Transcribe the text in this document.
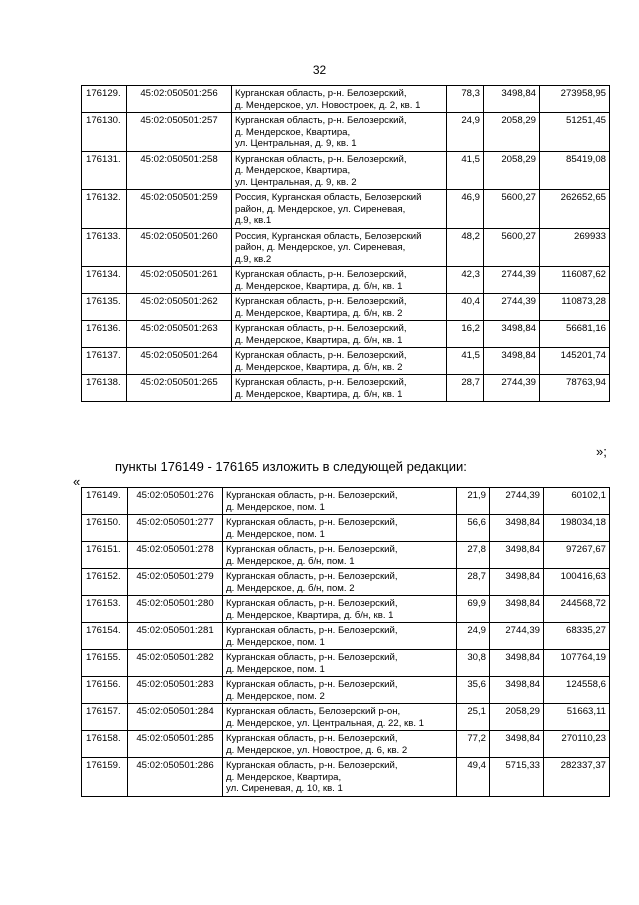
32
176129.	45:02:050501:256	Курганская область, р-н. Белозерский,
д. Мендерское, ул. Новостроек, д. 2, кв. 1	78,3	3498,84	273958,95
176130.	45:02:050501:257	Курганская область, р-н. Белозерский,
д. Мендерское, Квартира,
ул. Центральная, д. 9, кв. 1	24,9	2058,29	51251,45
176131.	45:02:050501:258	Курганская область, р-н. Белозерский,
д. Мендерское, Квартира,
ул. Центральная, д. 9, кв. 2	41,5	2058,29	85419,08
176132.	45:02:050501:259	Россия, Курганская область, Белозерский
район, д. Мендерское, ул. Сиреневая,
д.9, кв.1	46,9	5600,27	262652,65
176133.	45:02:050501:260	Россия, Курганская область, Белозерский
район, д. Мендерское, ул. Сиреневая,
д.9, кв.2	48,2	5600,27	269933
176134.	45:02:050501:261	Курганская область, р-н. Белозерский,
д. Мендерское, Квартира, д. б/н, кв. 1	42,3	2744,39	116087,62
176135.	45:02:050501:262	Курганская область, р-н. Белозерский,
д. Мендерское, Квартира, д. б/н, кв. 2	40,4	2744,39	110873,28
176136.	45:02:050501:263	Курганская область, р-н. Белозерский,
д. Мендерское, Квартира, д. б/н, кв. 1	16,2	3498,84	56681,16
176137.	45:02:050501:264	Курганская область, р-н. Белозерский,
д. Мендерское, Квартира, д. б/н, кв. 2	41,5	3498,84	145201,74
176138.	45:02:050501:265	Курганская область, р-н. Белозерский,
д. Мендерское, Квартира, д. б/н, кв. 1	28,7	2744,39	78763,94
»;
пункты 176149 - 176165 изложить в следующей редакции:
«
176149.	45:02:050501:276	Курганская область, р-н. Белозерский,
д. Мендерское, пом. 1	21,9	2744,39	60102,1
176150.	45:02:050501:277	Курганская область, р-н. Белозерский,
д. Мендерское, пом. 1	56,6	3498,84	198034,18
176151.	45:02:050501:278	Курганская область, р-н. Белозерский,
д. Мендерское, д. б/н, пом. 1	27,8	3498,84	97267,67
176152.	45:02:050501:279	Курганская область, р-н. Белозерский,
д. Мендерское, д. б/н, пом. 2	28,7	3498,84	100416,63
176153.	45:02:050501:280	Курганская область, р-н. Белозерский,
д. Мендерское, Квартира, д. б/н, кв. 1	69,9	3498,84	244568,72
176154.	45:02:050501:281	Курганская область, р-н. Белозерский,
д. Мендерское, пом. 1	24,9	2744,39	68335,27
176155.	45:02:050501:282	Курганская область, р-н. Белозерский,
д. Мендерское, пом. 1	30,8	3498,84	107764,19
176156.	45:02:050501:283	Курганская область, р-н. Белозерский,
д. Мендерское, пом. 2	35,6	3498,84	124558,6
176157.	45:02:050501:284	Курганская область, Белозерский р-он,
д. Мендерское, ул. Центральная, д. 22, кв. 1	25,1	2058,29	51663,11
176158.	45:02:050501:285	Курганская область, р-н. Белозерский,
д. Мендерское, ул. Новострое, д. 6, кв. 2	77,2	3498,84	270110,23
176159.	45:02:050501:286	Курганская область, р-н. Белозерский,
д. Мендерское, Квартира,
ул. Сиреневая, д. 10, кв. 1	49,4	5715,33	282337,37
